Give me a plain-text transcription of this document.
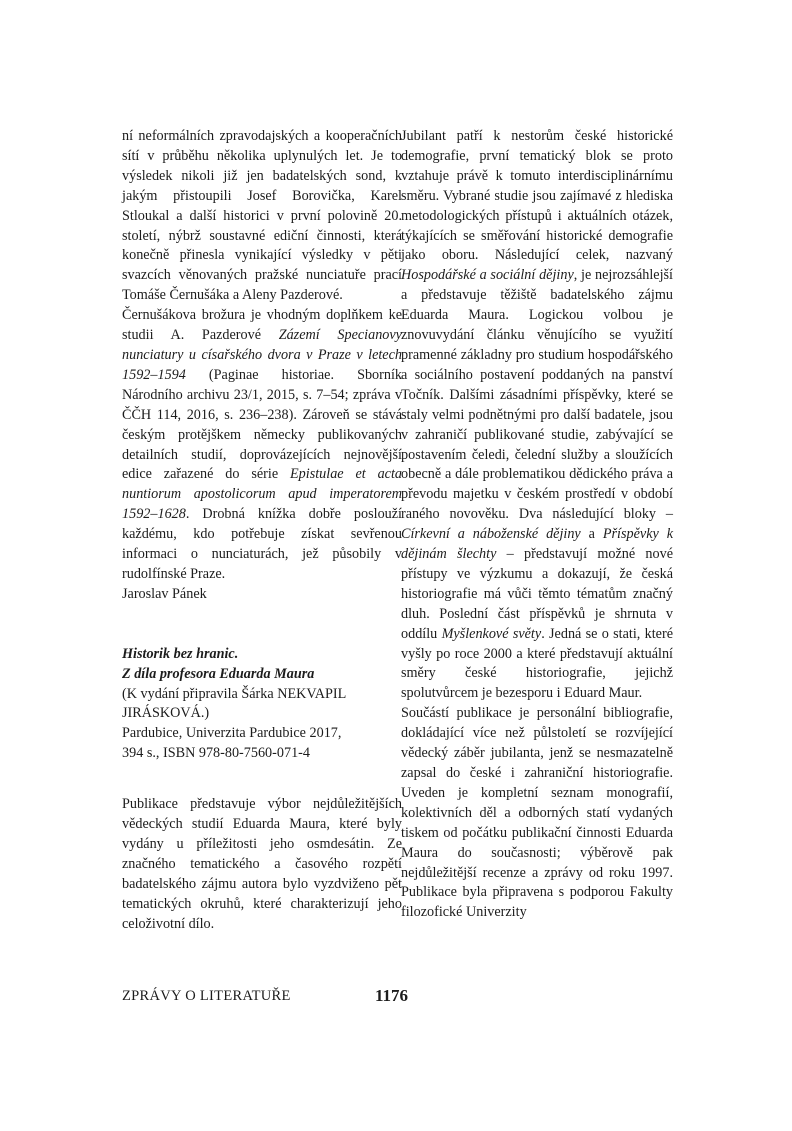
ní neformálních zpravodajských a kooperačních sítí v průběhu několika uplynulých let. Je to výsledek nikoli již jen badatelských sond, k jakým přistoupili Josef Borovička, Karel Stloukal a další historici v první polovině 20. století, nýbrž soustavné ediční činnosti, která konečně přinesla vynikající výsledky v pěti svazcích věnovaných pražské nunciatuře prací Tomáše Černušáka a Aleny Pazderové.

Černušákova brožura je vhodným doplňkem ke studii A. Pazderové Zázemí Specianovy nunciatury u císařského dvora v Praze v letech 1592–1594 (Paginae historiae. Sborník Národního archivu 23/1, 2015, s. 7–54; zpráva v ČČH 114, 2016, s. 236–238). Zároveň se stává českým protějškem německy publikovaných detailních studií, doprovázejících nejnovější edice zařazené do série Epistulae et acta nuntiorum apostolicorum apud imperatorem 1592–1628. Drobná knížka dobře poslouží každému, kdo potřebuje získat sevřenou informaci o nunciaturách, jež působily v rudolfínské Praze.

Jaroslav Pánek

Historik bez hranic.

Z díla profesora Eduarda Maura

(K vydání připravila Šárka NEKVAPIL

JIRÁSKOVÁ.)

Pardubice, Univerzita Pardubice 2017,

394 s., ISBN 978-80-7560-071-4

Publikace představuje výbor nejdůležitějších vědeckých studií Eduarda Maura, které byly vydány u příležitosti jeho osmdesátin. Ze značného tematického a časového rozpětí badatelského zájmu autora bylo vyzdviženo pět tematických okruhů, které charakterizují jeho celoživotní dílo.

Jubilant patří k nestorům české historické demografie, první tematický blok se proto vztahuje právě k tomuto interdisciplinárnímu směru. Vybrané studie jsou zajímavé z hlediska metodologických přístupů i aktuálních otázek, týkajících se směřování historické demografie jako oboru. Následující celek, nazvaný Hospodářské a sociální dějiny, je nejrozsáhlejší a představuje těžiště badatelského zájmu Eduarda Maura. Logickou volbou je znovuvydání článku věnujícího se využití pramenné základny pro studium hospodářského a sociálního postavení poddaných na panství Točník. Dalšími zásadními příspěvky, které se staly velmi podnětnými pro další badatele, jsou v zahraničí publikované studie, zabývající se postavením čeledi, čelední služby a sloužících obecně a dále problematikou dědického práva a převodu majetku v českém prostředí v období raného novověku. Dva následující bloky – Církevní a náboženské dějiny a Příspěvky k dějinám šlechty – představují možné nové přístupy ve výzkumu a dokazují, že česká historiografie má vůči těmto tématům značný dluh. Poslední část příspěvků je shrnuta v oddílu Myšlenkové světy. Jedná se o stati, které vyšly po roce 2000 a které představují aktuální směry české historiografie, jejichž spolutvůrcem je bezesporu i Eduard Maur.

Součástí publikace je personální bibliografie, dokládající více než půlstoletí se rozvíjející vědecký záběr jubilanta, jenž se nesmazatelně zapsal do české i zahraniční historiografie. Uveden je kompletní seznam monografií, kolektivních děl a odborných statí vydaných tiskem od počátku publikační činnosti Eduarda Maura do současnosti; výběrově pak nejdůležitější recenze a zprávy od roku 1997. Publikace byla připravena s podporou Fakulty filozofické Univerzity

ZPRÁVY O LITERATUŘE	1176
